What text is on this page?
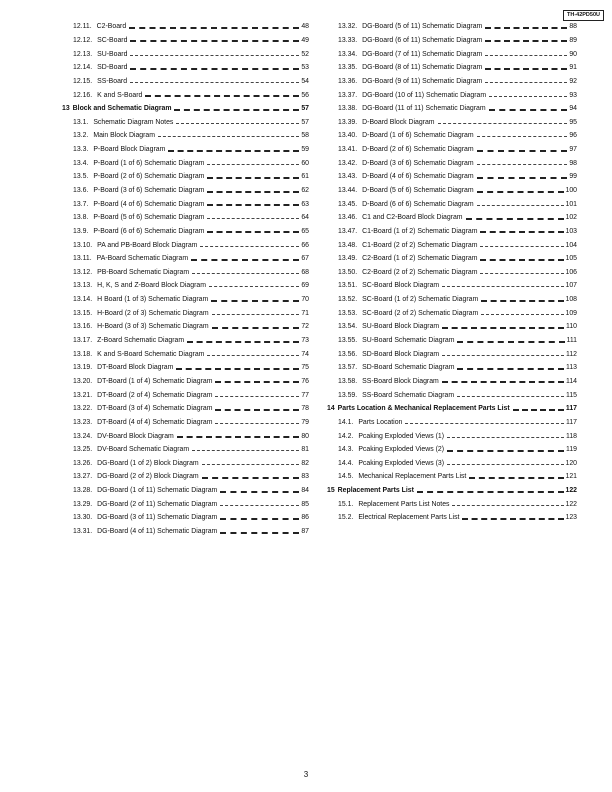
TH-42PD50U
12.11. C2-Board	48
12.12. SC-Board	49
12.13. SU-Board	52
12.14. SD-Board	53
12.15. SS-Board	54
12.16. K and S-Board	56
13 Block and Schematic Diagram	57
13.1. Schematic Diagram Notes	57
13.2. Main Block Diagram	58
13.3. P-Board Block Diagram	59
13.4. P-Board (1 of 6) Schematic Diagram	60
13.5. P-Board (2 of 6) Schematic Diagram	61
13.6. P-Board (3 of 6) Schematic Diagram	62
13.7. P-Board (4 of 6) Schematic Diagram	63
13.8. P-Board (5 of 6) Schematic Diagram	64
13.9. P-Board (6 of 6) Schematic Diagram	65
13.10. PA and PB-Board Block Diagram	66
13.11. PA-Board Schematic Diagram	67
13.12. PB-Board Schematic Diagram	68
13.13. H, K, S and Z-Board Block Diagram	69
13.14. H Board (1 of 3) Schematic Diagram	70
13.15. H-Board (2 of 3) Schematic Diagram	71
13.16. H-Board (3 of 3) Schematic Diagram	72
13.17. Z-Board Schematic Diagram	73
13.18. K and S-Board Schematic Diagram	74
13.19. DT-Board Block Diagram	75
13.20. DT-Board (1 of 4) Schematic Diagram	76
13.21. DT-Board (2 of 4) Schematic Diagram	77
13.22. DT-Board (3 of 4) Schematic Diagram	78
13.23. DT-Board (4 of 4) Schematic Diagram	79
13.24. DV-Board Block Diagram	80
13.25. DV-Board Schematic Diagram	81
13.26. DG-Board (1 of 2) Block Diagram	82
13.27. DG-Board (2 of 2) Block Diagram	83
13.28. DG-Board (1 of 11) Schematic Diagram	84
13.29. DG-Board (2 of 11) Schematic Diagram	85
13.30. DG-Board (3 of 11) Schematic Diagram	86
13.31. DG-Board (4 of 11) Schematic Diagram	87
13.32. DG-Board (5 of 11) Schematic Diagram	88
13.33. DG-Board (6 of 11) Schematic Diagram	89
13.34. DG-Board (7 of 11) Schematic Diagram	90
13.35. DG-Board (8 of 11) Schematic Diagram	91
13.36. DG-Board (9 of 11) Schematic Diagram	92
13.37. DG-Board (10 of 11) Schematic Diagram	93
13.38. DG-Board (11 of 11) Schematic Diagram	94
13.39. D-Board Block Diagram	95
13.40. D-Board (1 of 6) Schematic Diagram	96
13.41. D-Board (2 of 6) Schematic Diagram	97
13.42. D-Board (3 of 6) Schematic Diagram	98
13.43. D-Board (4 of 6) Schematic Diagram	99
13.44. D-Board (5 of 6) Schematic Diagram	100
13.45. D-Board (6 of 6) Schematic Diagram	101
13.46. C1 and C2-Board Block Diagram	102
13.47. C1-Board (1 of 2) Schematic Diagram	103
13.48. C1-Board (2 of 2) Schematic Diagram	104
13.49. C2-Board (1 of 2) Schematic Diagram	105
13.50. C2-Board (2 of 2) Schematic Diagram	106
13.51. SC-Board Block Diagram	107
13.52. SC-Board (1 of 2) Schematic Diagram	108
13.53. SC-Board (2 of 2) Schematic Diagram	109
13.54. SU-Board Block Diagram	110
13.55. SU-Board Schematic Diagram	111
13.56. SD-Board Block Diagram	112
13.57. SD-Board Schematic Diagram	113
13.58. SS-Board Block Diagram	114
13.59. SS-Board Schematic Diagram	115
14 Parts Location & Mechanical Replacement Parts List	117
14.1. Parts Location	117
14.2. Pcaking Exploded Views (1)	118
14.3. Pcaking Exploded Views (2)	119
14.4. Pcaking Exploded Views (3)	120
14.5. Mechanical Replacement Parts List	121
15 Replacement Parts List	122
15.1. Replacement Parts List Notes	122
15.2. Electrical Replacement Parts List	123
3
